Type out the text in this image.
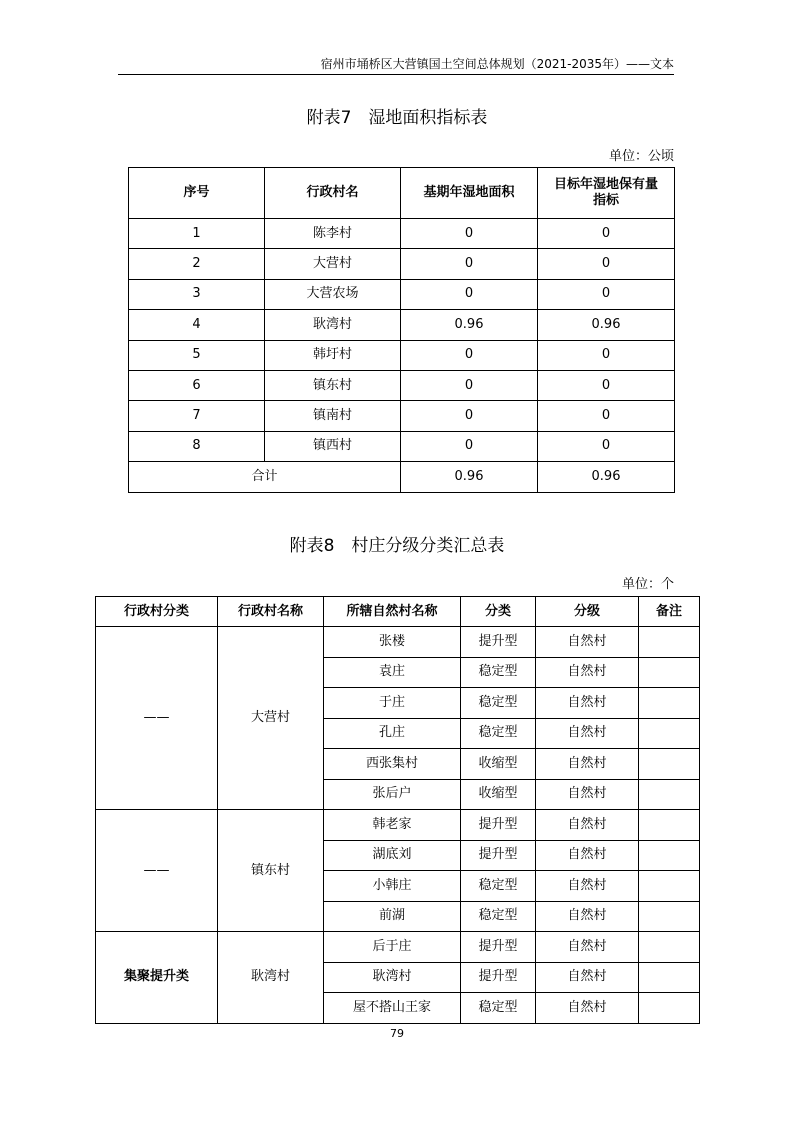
宿州市埇桥区大营镇国土空间总体规划（2021-2035年）——文本
附表7　湿地面积指标表
单位：公顷
序号	行政村名	基期年湿地面积	目标年湿地保有量指标
1	陈李村	0	0
2	大营村	0	0
3	大营农场	0	0
4	耿湾村	0.96	0.96
5	韩圩村	0	0
6	镇东村	0	0
7	镇南村	0	0
8	镇西村	0	0
合计		0.96	0.96
附表8　村庄分级分类汇总表
单位：个
行政村分类	行政村名称	所辖自然村名称	分类	分级	备注
——	大营村	张楼	提升型	自然村	
		袁庄	稳定型	自然村	
		于庄	稳定型	自然村	
		孔庄	稳定型	自然村	
		西张集村	收缩型	自然村	
		张后户	收缩型	自然村	
——	镇东村	韩老家	提升型	自然村	
		湖底刘	提升型	自然村	
		小韩庄	稳定型	自然村	
		前湖	稳定型	自然村	
集聚提升类	耿湾村	后于庄	提升型	自然村	
		耿湾村	提升型	自然村	
		屋不搭山王家	稳定型	自然村	
79
